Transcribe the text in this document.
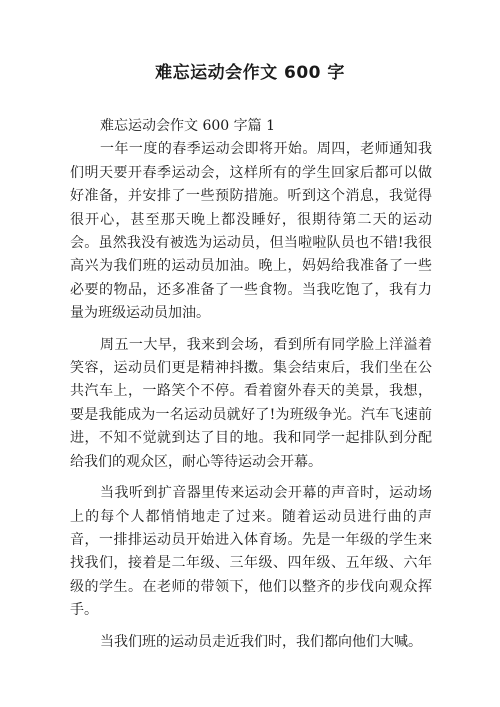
难忘运动会作文 600 字

难忘运动会作文 600 字篇 1

一年一度的春季运动会即将开始。周四，老师通知我们明天要开春季运动会，这样所有的学生回家后都可以做好准备，并安排了一些预防措施。听到这个消息，我觉得很开心，甚至那天晚上都没睡好，很期待第二天的运动会。虽然我没有被选为运动员，但当啦啦队员也不错!我很高兴为我们班的运动员加油。晚上，妈妈给我准备了一些必要的物品，还多准备了一些食物。当我吃饱了，我有力量为班级运动员加油。

周五一大早，我来到会场，看到所有同学脸上洋溢着笑容，运动员们更是精神抖擞。集会结束后，我们坐在公共汽车上，一路笑个不停。看着窗外春天的美景，我想，要是我能成为一名运动员就好了!为班级争光。汽车飞速前进，不知不觉就到达了目的地。我和同学一起排队到分配给我们的观众区，耐心等待运动会开幕。

当我听到扩音器里传来运动会开幕的声音时，运动场上的每个人都悄悄地走了过来。随着运动员进行曲的声音，一排排运动员开始进入体育场。先是一年级的学生来找我们，接着是二年级、三年级、四年级、五年级、六年级的学生。在老师的带领下，他们以整齐的步伐向观众挥手。

当我们班的运动员走近我们时，我们都向他们大喊。
